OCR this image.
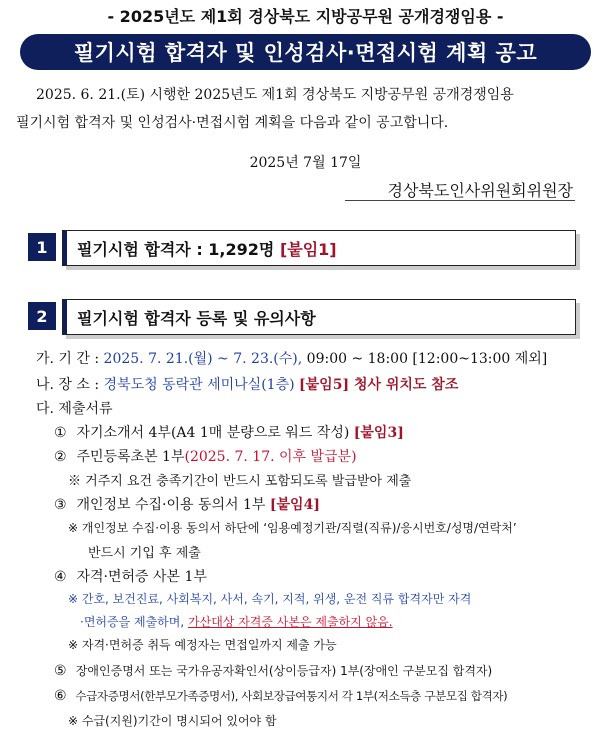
- 2025년도 제1회 경상북도 지방공무원 공개경쟁임용 -
필기시험 합격자 및 인성검사·면접시험 계획 공고
2025. 6. 21.(토) 시행한 2025년도 제1회 경상북도 지방공무원 공개경쟁임용
필기시험 합격자 및 인성검사·면접시험 계획을 다음과 같이 공고합니다.
2025년 7월 17일
경상북도인사위원회위원장
1	필기시험 합격자 : 1,292명
[붙임1]
2	필기시험 합격자 등록 및 유의사항
가. 기 간 : 2025. 7. 21.(월) ~ 7. 23.(수), 09:00 ~ 18:00 [12:00~13:00 제외]
나. 장 소 : 경북도청 동락관 세미나실(1층) [붙임5] 청사 위치도 참조
다. 제출서류
① 자기소개서 4부(A4 1매 분량으로 워드 작성) [붙임3]
② 주민등록초본 1부(2025. 7. 17. 이후 발급분)
※ 거주지 요건 충족기간이 반드시 포함되도록 발급받아 제출
③ 개인정보 수집·이용 동의서 1부 [붙임4]
※ 개인정보 수집·이용 동의서 하단에 ‘임용예정기관/직렬(직류)/응시번호/성명/연락처’
반드시 기입 후 제출
④ 자격·면허증 사본 1부
※ 간호, 보건진료, 사회복지, 사서, 속기, 지적, 위생, 운전 직류 합격자만 자격
·면허증을 제출하며, 가산대상 자격증 사본은 제출하지 않음.
※ 자격·면허증 취득 예정자는 면접일까지 제출 가능
⑤ 장애인증명서 또는 국가유공자확인서(상이등급자) 1부(장애인 구분모집 합격자)
⑥ 수급자증명서(한부모가족증명서), 사회보장급여통지서 각 1부(저소득층 구분모집 합격자)
※ 수급(지원)기간이 명시되어 있어야 함
